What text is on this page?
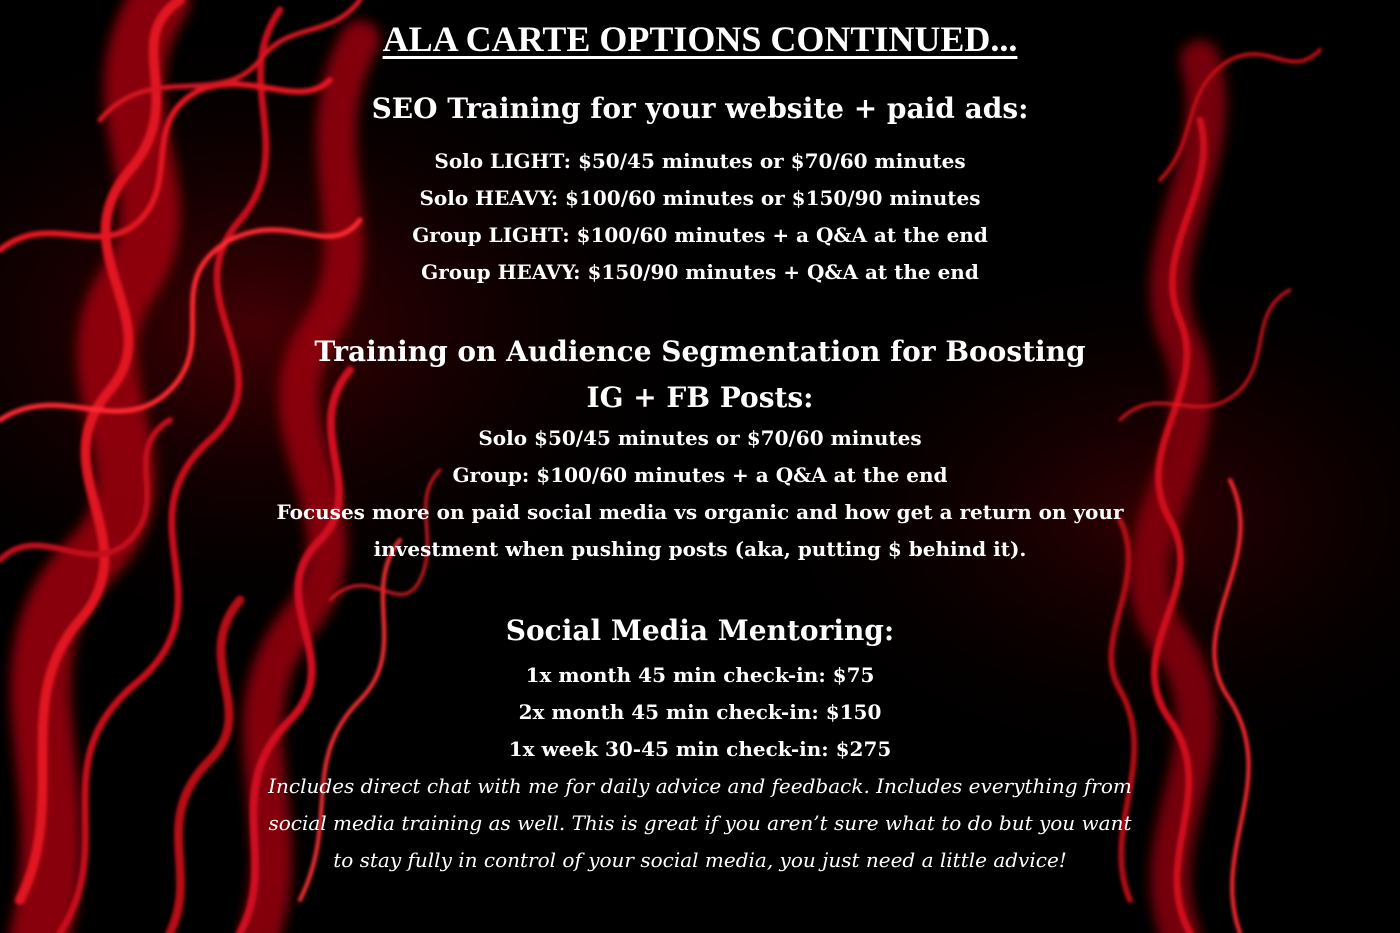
ALA CARTE OPTIONS CONTINUED...
SEO Training for your website + paid ads:

Solo LIGHT: $50/45 minutes or $70/60 minutes

Solo HEAVY: $100/60 minutes or $150/90 minutes

Group LIGHT: $100/60 minutes + a Q&A at the end

Group HEAVY: $150/90 minutes + Q&A at the end

Training on Audience Segmentation for Boosting
IG + FB Posts:

Solo $50/45 minutes or $70/60 minutes

Group: $100/60 minutes + a Q&A at the end

Focuses more on paid social media vs organic and how get a return on your investment when pushing posts (aka, putting $ behind it).

Social Media Mentoring:

1x month 45 min check-in: $75

2x month 45 min check-in: $150

1x week 30-45 min check-in: $275

Includes direct chat with me for daily advice and feedback. Includes everything from social media training as well. This is great if you aren’t sure what to do but you want to stay fully in control of your social media, you just need a little advice!
